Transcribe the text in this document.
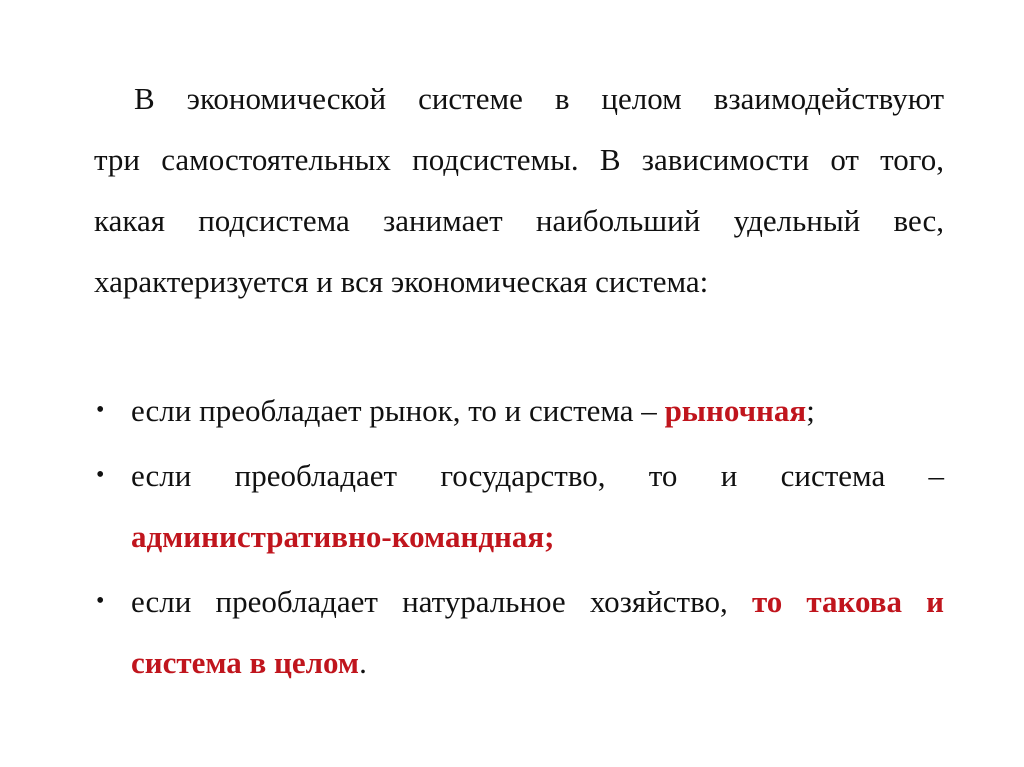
В экономической системе в целом взаимодействуют
три самостоятельных подсистемы. В зависимости от того,
какая подсистема занимает наибольший удельный вес,
характеризуется и вся экономическая система:

• если преобладает рынок, то и система – рыночная;
• если преобладает государство, то и система –
административно-командная;
• если преобладает натуральное хозяйство, то такова и
система в целом.
